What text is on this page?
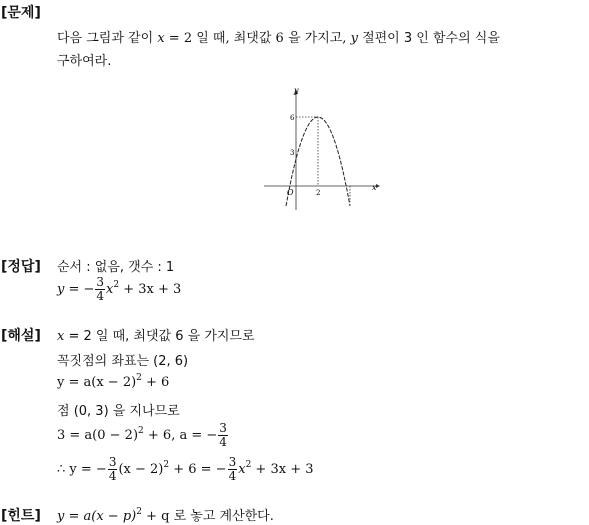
[문제]
다음 그림과 같이 x = 2 일 때, 최댓값 6 을 가지고, y 절편이 3 인 함수의 식을
구하여라.
y
x
O
6
3
2
[정답] 순서 : 없음, 갯수 : 1
y = − $\frac{3}{4} x^2 + 3x + 3$
[해설] x = 2 일 때, 최댓값 6 을 가지므로
꼭짓점의 좌표는 (2, 6)
$y = a(x - 2)^2 + 6$
점 (0, 3) 을 지나므로
$3 = a(0 - 2)^2 + 6$, a = − $\frac{3}{4}$
∴ y = − $\frac{3}{4} (x - 2)^2 + 6$ = − $\frac{3}{4} x^2 + 3x + 3$
[힌트] $y = a(x - p)^2 + q$ 로 놓고 계산한다.
